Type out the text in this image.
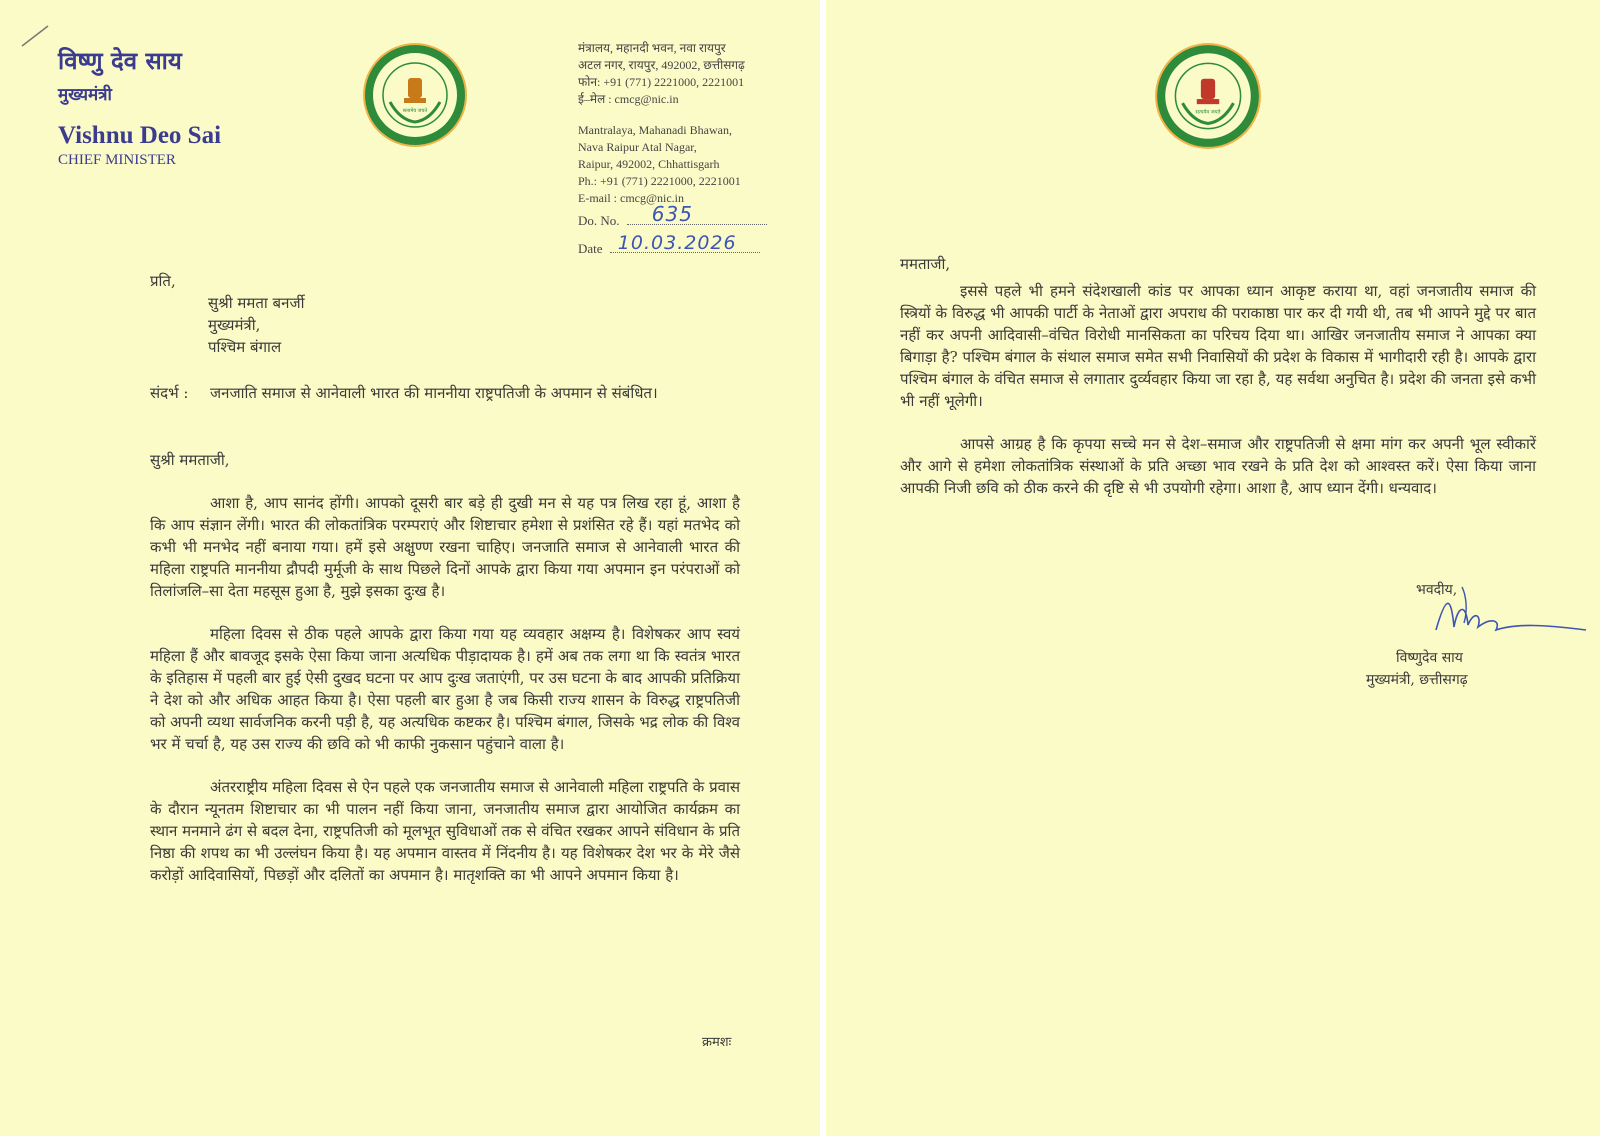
विष्णु देव साय
मुख्यमंत्री
Vishnu Deo Sai
CHIEF MINISTER
सत्यमेव जयते
मंत्रालय, महानदी भवन, नवा रायपुर
अटल नगर, रायपुर, 492002, छत्तीसगढ़
फोन: +91 (771) 2221000, 2221001
ई–मेल : cmcg@nic.in
Mantralaya, Mahanadi Bhawan,
Nava Raipur Atal Nagar,
Raipur, 492002, Chhattisgarh
Ph.: +91 (771) 2221000, 2221001
E-mail : cmcg@nic.in
Do. No. 635
Date 10.03.2026
प्रति,
सुश्री ममता बनर्जी
मुख्यमंत्री,
पश्चिम बंगाल
संदर्भ : जनजाति समाज से आनेवाली भारत की माननीया राष्ट्रपतिजी के अपमान से संबंधित।
सुश्री ममताजी,

आशा है, आप सानंद होंगी। आपको दूसरी बार बड़े ही दुखी मन से यह पत्र लिख रहा हूं, आशा है कि आप संज्ञान लेंगी। भारत की लोकतांत्रिक परम्पराएं और शिष्टाचार हमेशा से प्रशंसित रहे हैं। यहां मतभेद को कभी भी मनभेद नहीं बनाया गया। हमें इसे अक्षुण्ण रखना चाहिए। जनजाति समाज से आनेवाली भारत की महिला राष्ट्रपति माननीया द्रौपदी मुर्मूजी के साथ पिछले दिनों आपके द्वारा किया गया अपमान इन परंपराओं को तिलांजलि–सा देता महसूस हुआ है, मुझे इसका दुःख है।

महिला दिवस से ठीक पहले आपके द्वारा किया गया यह व्यवहार अक्षम्य है। विशेषकर आप स्वयं महिला हैं और बावजूद इसके ऐसा किया जाना अत्यधिक पीड़ादायक है। हमें अब तक लगा था कि स्वतंत्र भारत के इतिहास में पहली बार हुई ऐसी दुखद घटना पर आप दुःख जताएंगी, पर उस घटना के बाद आपकी प्रतिक्रिया ने देश को और अधिक आहत किया है। ऐसा पहली बार हुआ है जब किसी राज्य शासन के विरुद्ध राष्ट्रपतिजी को अपनी व्यथा सार्वजनिक करनी पड़ी है, यह अत्यधिक कष्टकर है। पश्चिम बंगाल, जिसके भद्र लोक की विश्व भर में चर्चा है, यह उस राज्य की छवि को भी काफी नुकसान पहुंचाने वाला है।

अंतरराष्ट्रीय महिला दिवस से ऐन पहले एक जनजातीय समाज से आनेवाली महिला राष्ट्रपति के प्रवास के दौरान न्यूनतम शिष्टाचार का भी पालन नहीं किया जाना, जनजातीय समाज द्वारा आयोजित कार्यक्रम का स्थान मनमाने ढंग से बदल देना, राष्ट्रपतिजी को मूलभूत सुविधाओं तक से वंचित रखकर आपने संविधान के प्रति निष्ठा की शपथ का भी उल्लंघन किया है। यह अपमान वास्तव में निंदनीय है। यह विशेषकर देश भर के मेरे जैसे करोड़ों आदिवासियों, पिछड़ों और दलितों का अपमान है। मातृशक्ति का भी आपने अपमान किया है।

क्रमशः
सत्यमेव जयते
ममताजी,

इससे पहले भी हमने संदेशखाली कांड पर आपका ध्यान आकृष्ट कराया था, वहां जनजातीय समाज की स्त्रियों के विरुद्ध भी आपकी पार्टी के नेताओं द्वारा अपराध की पराकाष्ठा पार कर दी गयी थी, तब भी आपने मुद्दे पर बात नहीं कर अपनी आदिवासी–वंचित विरोधी मानसिकता का परिचय दिया था। आखिर जनजातीय समाज ने आपका क्या बिगाड़ा है? पश्चिम बंगाल के संथाल समाज समेत सभी निवासियों की प्रदेश के विकास में भागीदारी रही है। आपके द्वारा पश्चिम बंगाल के वंचित समाज से लगातार दुर्व्यवहार किया जा रहा है, यह सर्वथा अनुचित है। प्रदेश की जनता इसे कभी भी नहीं भूलेगी।

आपसे आग्रह है कि कृपया सच्चे मन से देश–समाज और राष्ट्रपतिजी से क्षमा मांग कर अपनी भूल स्वीकारें और आगे से हमेशा लोकतांत्रिक संस्थाओं के प्रति अच्छा भाव रखने के प्रति देश को आश्वस्त करें। ऐसा किया जाना आपकी निजी छवि को ठीक करने की दृष्टि से भी उपयोगी रहेगा। आशा है, आप ध्यान देंगी। धन्यवाद।

भवदीय,
विष्णुदेव साय
मुख्यमंत्री, छत्तीसगढ़
